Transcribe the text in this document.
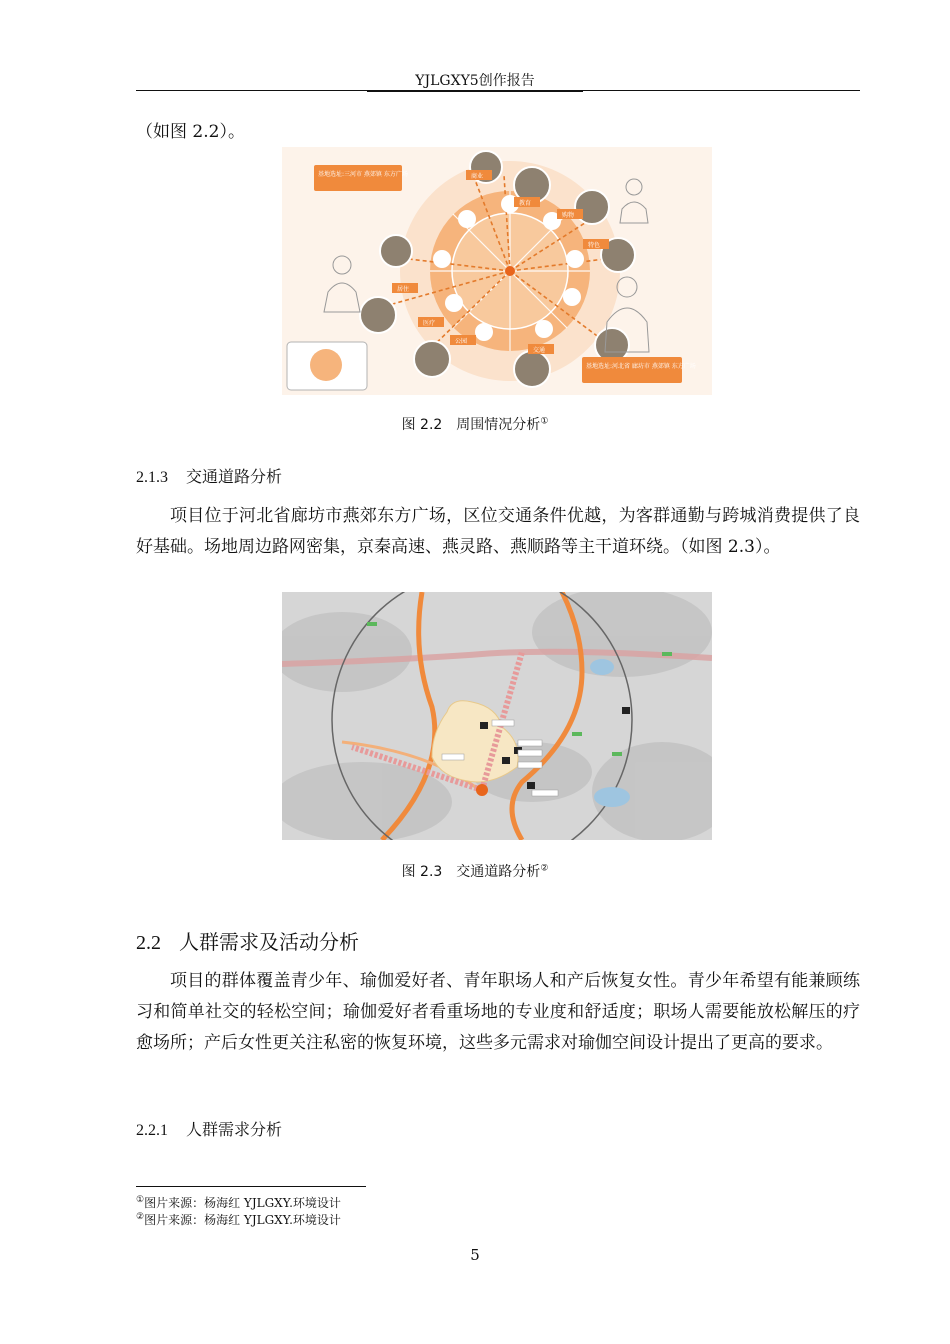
YJLGXY5创作报告
（如图 2.2）。
基地选址:三河市 燕郊镇 东方广场
基地选址:河北省 廊坊市 燕郊镇 东方广场
商业
教育
购物
特色
居住
医疗
公园
交通
图 2.2　周围情况分析①
2.1.3 交通道路分析
项目位于河北省廊坊市燕郊东方广场，区位交通条件优越，为客群通勤与跨城消费提供了良好基础。场地周边路网密集，京秦高速、燕灵路、燕顺路等主干道环绕。（如图 2.3）。
图 2.3　交通道路分析②
2.2 人群需求及活动分析
项目的群体覆盖青少年、瑜伽爱好者、青年职场人和产后恢复女性。青少年希望有能兼顾练习和简单社交的轻松空间；瑜伽爱好者看重场地的专业度和舒适度；职场人需要能放松解压的疗愈场所；产后女性更关注私密的恢复环境，这些多元需求对瑜伽空间设计提出了更高的要求。
2.2.1 人群需求分析
①图片来源：杨海红 YJLGXY.环境设计
②图片来源：杨海红 YJLGXY.环境设计
5
